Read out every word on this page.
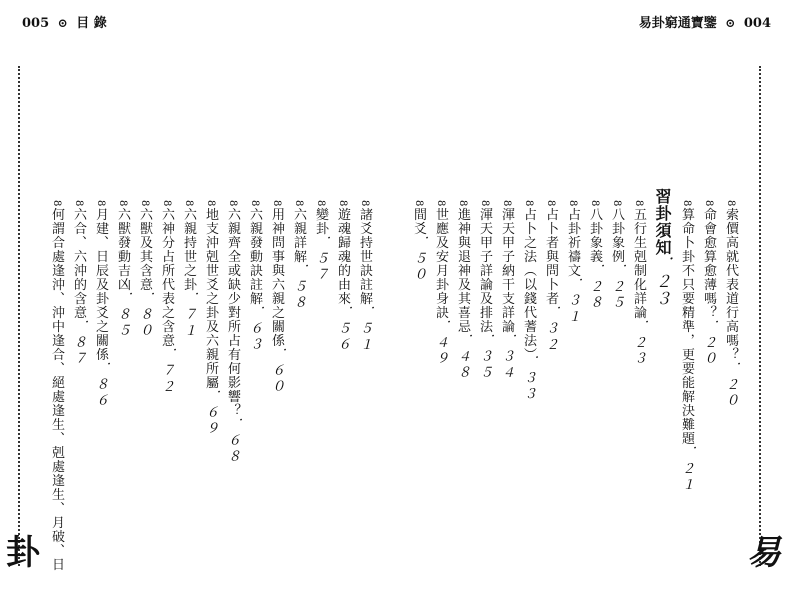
005 ⊙ 目 錄	易卦窮通寶鑒 ⊙ 004
卦	易
8索價高就代表道行高嗎？．２０
8命會愈算愈薄嗎？．２０
8算命卜卦不只要精準，更要能解決難題．２１
習卦須知．２３
8五行生剋制化詳論．２３
8八卦象例．２５
8八卦象義．２８
8占卦祈禱文．３１
8占卜者與問卜者．３２
8占卜之法（以錢代蓍法）．３３
8渾天甲子納干支詳論．３４
8渾天甲子詳論及排法．３５
8進神與退神及其喜忌．４８
8世應及安月卦身訣．４９
8間爻．５０
8諸爻持世訣註解．５１
8遊魂歸魂的由來．５６
8變卦．５７
8六親詳解．５８
8用神問事與六親之關係．６０
8六親發動訣註解．６３
8六親齊全或缺少對所占有何影響？．６８
8地支沖剋世爻之卦及六親所屬．６９
8六親持世之卦．７１
8六神分占所代表之含意．７２
8六獸及其含意．８０
8六獸發動吉凶．８５
8月建、日辰及卦爻之關係．８６
8六合、六沖的含意．８７
8何謂合處逢沖、沖中逢合、絕處逢生、剋處逢生、月破、日
